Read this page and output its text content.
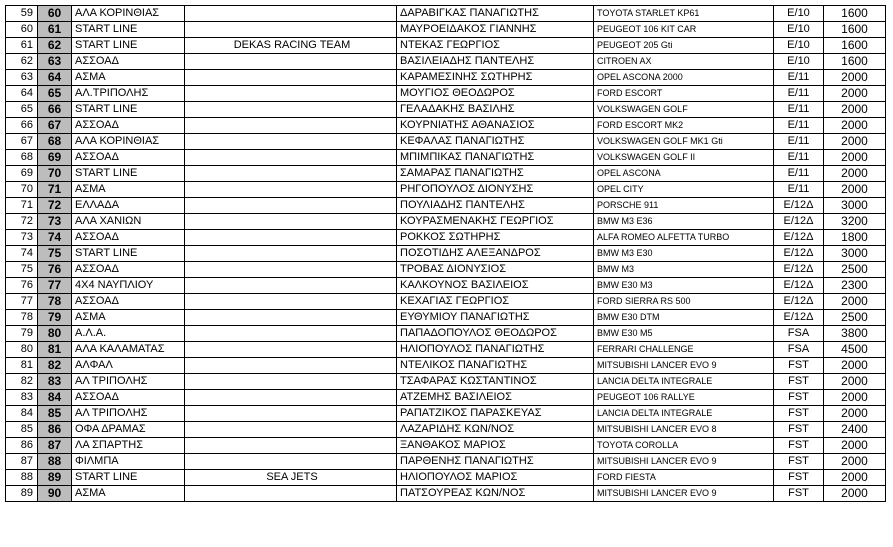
59	60	ΑΛΑ ΚΟΡΙΝΘΙΑΣ		ΔΑΡΑΒΙΓΚΑΣ ΠΑΝΑΓΙΩΤΗΣ	TOYOTA STARLET KP61	E/10	1600
60	61	START LINE		ΜΑΥΡΟΕΙΔΑΚΟΣ ΓΙΑΝΝΗΣ	PEUGEOT 106 KIT CAR	E/10	1600
61	62	START LINE	DEKAS RACING TEAM	ΝΤΕΚΑΣ ΓΕΩΡΓΙΟΣ	PEUGEOT 205 Gti	E/10	1600
62	63	ΑΣΣΟΑΔ		ΒΑΣΙΛΕΙΑΔΗΣ ΠΑΝΤΕΛΗΣ	CITROEN AX	E/10	1600
63	64	ΑΣΜΑ		ΚΑΡΑΜΕΣΙΝΗΣ ΣΩΤΗΡΗΣ	OPEL ASCONA 2000	E/11	2000
64	65	ΑΛ.ΤΡΙΠΟΛΗΣ		ΜΟΥΓΙΟΣ ΘΕΟΔΩΡΟΣ	FORD ESCORT	E/11	2000
65	66	START LINE		ΓΕΛΑΔΑΚΗΣ ΒΑΣΙΛΗΣ	VOLKSWAGEN GOLF	E/11	2000
66	67	ΑΣΣΟΑΔ		ΚΟΥΡΝΙΑΤΗΣ ΑΘΑΝΑΣΙΟΣ	FORD ESCORT MK2	E/11	2000
67	68	ΑΛΑ ΚΟΡΙΝΘΙΑΣ		ΚΕΦΑΛΑΣ ΠΑΝΑΓΙΩΤΗΣ	VOLKSWAGEN GOLF MK1 Gti	E/11	2000
68	69	ΑΣΣΟΑΔ		ΜΠΙΜΠΙΚΑΣ ΠΑΝΑΓΙΩΤΗΣ	VOLKSWAGEN GOLF II	E/11	2000
69	70	START LINE		ΣΑΜΑΡΑΣ ΠΑΝΑΓΙΩΤΗΣ	OPEL ASCONA	E/11	2000
70	71	ΑΣΜΑ		ΡΗΓΟΠΟΥΛΟΣ ΔΙΟΝΥΣΗΣ	OPEL CITY	E/11	2000
71	72	ΕΛΛΑΔΑ		ΠΟΥΛΙΑΔΗΣ ΠΑΝΤΕΛΗΣ	PORSCHE 911	E/12Δ	3000
72	73	ΑΛΑ ΧΑΝΙΩΝ		ΚΟΥΡΑΣΜΕΝΑΚΗΣ ΓΕΩΡΓΙΟΣ	BMW M3 E36	E/12Δ	3200
73	74	ΑΣΣΟΑΔ		ΡΟΚΚΟΣ ΣΩΤΗΡΗΣ	ALFA ROMEO ALFETTA TURBO	E/12Δ	1800
74	75	START LINE		ΠΟΣΟΤΙΔΗΣ ΑΛΕΞΑΝΔΡΟΣ	BMW M3 E30	E/12Δ	3000
75	76	ΑΣΣΟΑΔ		ΤΡΟΒΑΣ ΔΙΟΝΥΣΙΟΣ	BMW M3	E/12Δ	2500
76	77	4Χ4 ΝΑΥΠΛΙΟΥ		ΚΑΛΚΟΥΝΟΣ ΒΑΣΙΛΕΙΟΣ	BMW E30 M3	E/12Δ	2300
77	78	ΑΣΣΟΑΔ		ΚΕΧΑΓΙΑΣ ΓΕΩΡΓΙΟΣ	FORD SIERRA RS 500	E/12Δ	2000
78	79	ΑΣΜΑ		ΕΥΘΥΜΙΟΥ ΠΑΝΑΓΙΩΤΗΣ	BMW E30 DTM	E/12Δ	2500
79	80	Α.Λ.Α.		ΠΑΠΑΔΟΠΟΥΛΟΣ ΘΕΟΔΩΡΟΣ	BMW E30 M5	FSA	3800
80	81	ΑΛΑ ΚΑΛΑΜΑΤΑΣ		ΗΛΙΟΠΟΥΛΟΣ ΠΑΝΑΓΙΩΤΗΣ	FERRARI CHALLENGE	FSA	4500
81	82	ΑΛΦΑΛ		ΝΤΕΛΙΚΟΣ ΠΑΝΑΓΙΩΤΗΣ	MITSUBISHI LANCER EVO 9	FST	2000
82	83	ΑΛ ΤΡΙΠΟΛΗΣ		ΤΣΑΦΑΡΑΣ ΚΩΣΤΑΝΤΙΝΟΣ	LANCIA DELTA INTEGRALE	FST	2000
83	84	ΑΣΣΟΑΔ		ΑΤΖΕΜΗΣ ΒΑΣΙΛΕΙΟΣ	PEUGEOT 106 RALLYE	FST	2000
84	85	ΑΛ ΤΡΙΠΟΛΗΣ		ΡΑΠΑΤΖΙΚΟΣ ΠΑΡΑΣΚΕΥΑΣ	LANCIA DELTA INTEGRALE	FST	2000
85	86	ΟΦΑ ΔΡΑΜΑΣ		ΛΑΖΑΡΙΔΗΣ ΚΩΝ/ΝΟΣ	MITSUBISHI LANCER EVO 8	FST	2400
86	87	ΛΑ ΣΠΑΡΤΗΣ		ΞΑΝΘΑΚΟΣ ΜΑΡΙΟΣ	TOYOTA COROLLA	FST	2000
87	88	ΦΙΛΜΠΑ		ΠΑΡΘΕΝΗΣ ΠΑΝΑΓΙΩΤΗΣ	MITSUBISHI LANCER EVO 9	FST	2000
88	89	START LINE	SEA JETS	ΗΛΙΟΠΟΥΛΟΣ ΜΑΡΙΟΣ	FORD FIESTA	FST	2000
89	90	ΑΣΜΑ		ΠΑΤΣΟΥΡΕΑΣ ΚΩΝ/ΝΟΣ	MITSUBISHI LANCER EVO 9	FST	2000
